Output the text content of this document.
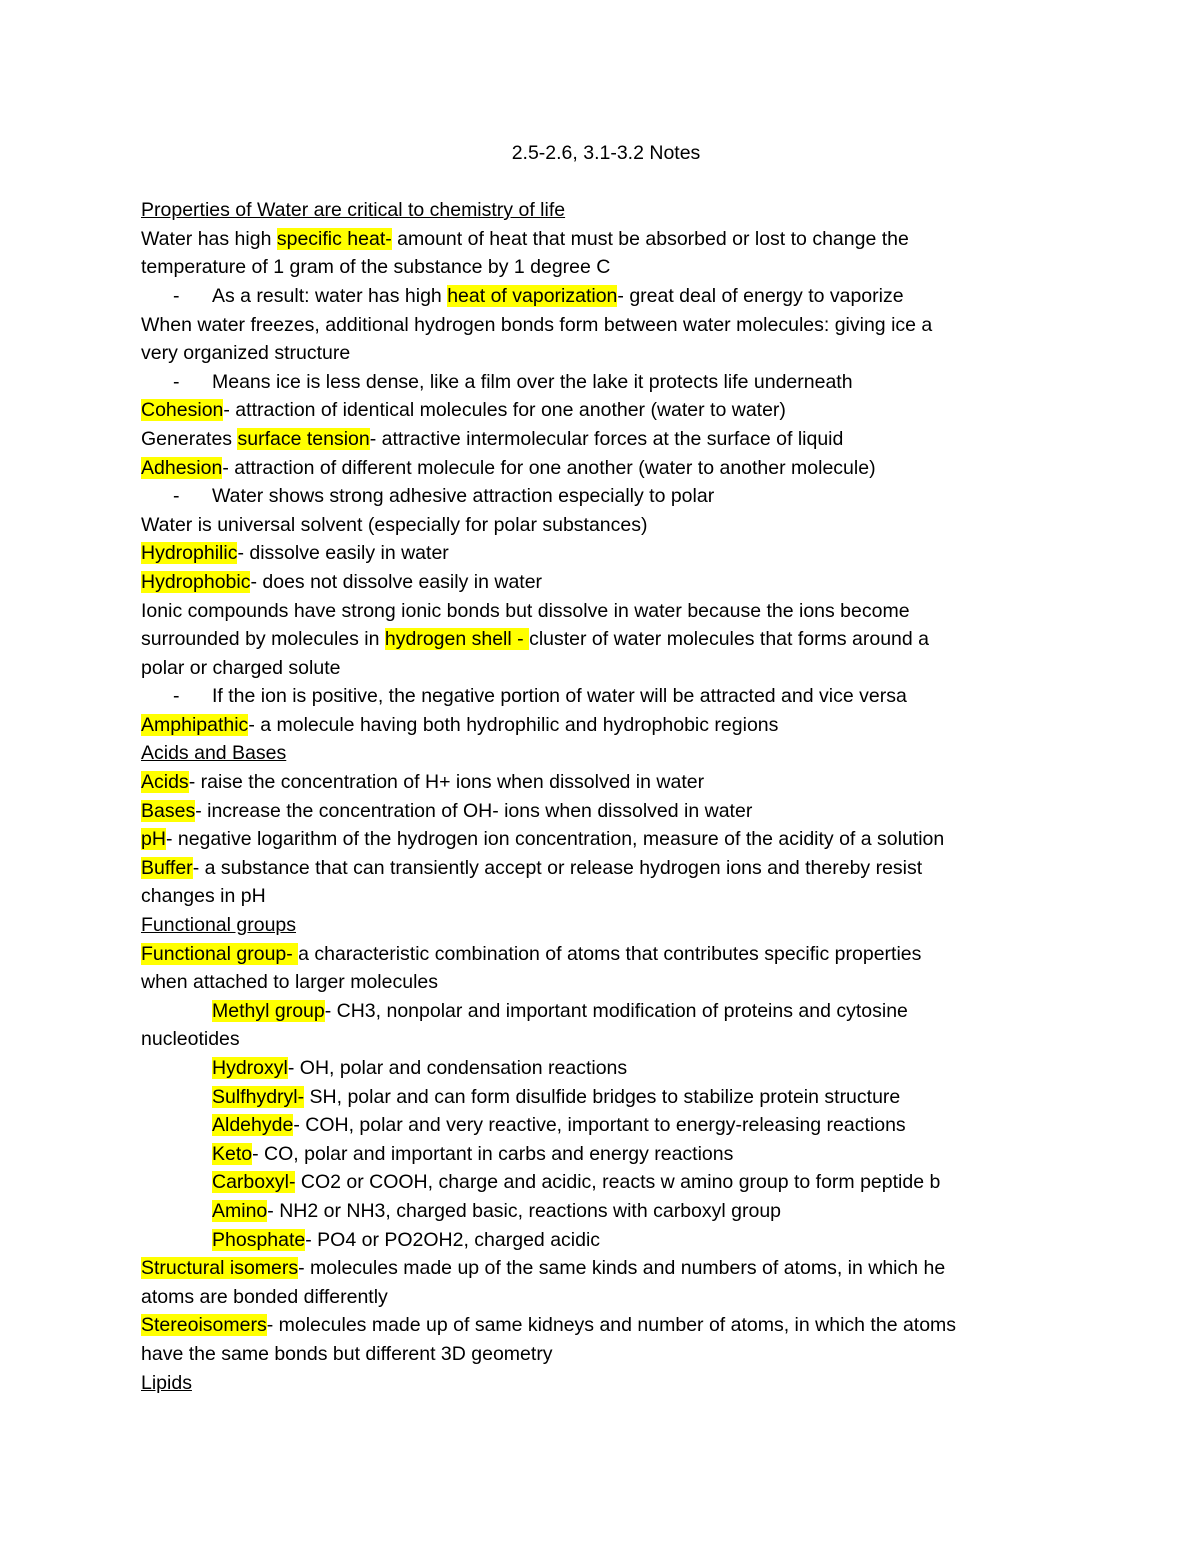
2.5-2.6, 3.1-3.2 Notes
Properties of Water are critical to chemistry of life
Water has high specific heat- amount of heat that must be absorbed or lost to change the
temperature of 1 gram of the substance by 1 degree C
- As a result: water has high heat of vaporization- great deal of energy to vaporize
When water freezes, additional hydrogen bonds form between water molecules: giving ice a
very organized structure
- Means ice is less dense, like a film over the lake it protects life underneath
Cohesion- attraction of identical molecules for one another (water to water)
Generates surface tension- attractive intermolecular forces at the surface of liquid
Adhesion- attraction of different molecule for one another (water to another molecule)
- Water shows strong adhesive attraction especially to polar
Water is universal solvent (especially for polar substances)
Hydrophilic- dissolve easily in water
Hydrophobic- does not dissolve easily in water
Ionic compounds have strong ionic bonds but dissolve in water because the ions become
surrounded by molecules in hydrogen shell - cluster of water molecules that forms around a
polar or charged solute
- If the ion is positive, the negative portion of water will be attracted and vice versa
Amphipathic- a molecule having both hydrophilic and hydrophobic regions
Acids and Bases
Acids- raise the concentration of H+ ions when dissolved in water
Bases- increase the concentration of OH- ions when dissolved in water
pH- negative logarithm of the hydrogen ion concentration, measure of the acidity of a solution
Buffer- a substance that can transiently accept or release hydrogen ions and thereby resist
changes in pH
Functional groups
Functional group- a characteristic combination of atoms that contributes specific properties
when attached to larger molecules
Methyl group- CH3, nonpolar and important modification of proteins and cytosine
nucleotides
Hydroxyl- OH, polar and condensation reactions
Sulfhydryl- SH, polar and can form disulfide bridges to stabilize protein structure
Aldehyde- COH, polar and very reactive, important to energy-releasing reactions
Keto- CO, polar and important in carbs and energy reactions
Carboxyl- CO2 or COOH, charge and acidic, reacts w amino group to form peptide b
Amino- NH2 or NH3, charged basic, reactions with carboxyl group
Phosphate- PO4 or PO2OH2, charged acidic
Structural isomers- molecules made up of the same kinds and numbers of atoms, in which he
atoms are bonded differently
Stereoisomers- molecules made up of same kidneys and number of atoms, in which the atoms
have the same bonds but different 3D geometry
Lipids
